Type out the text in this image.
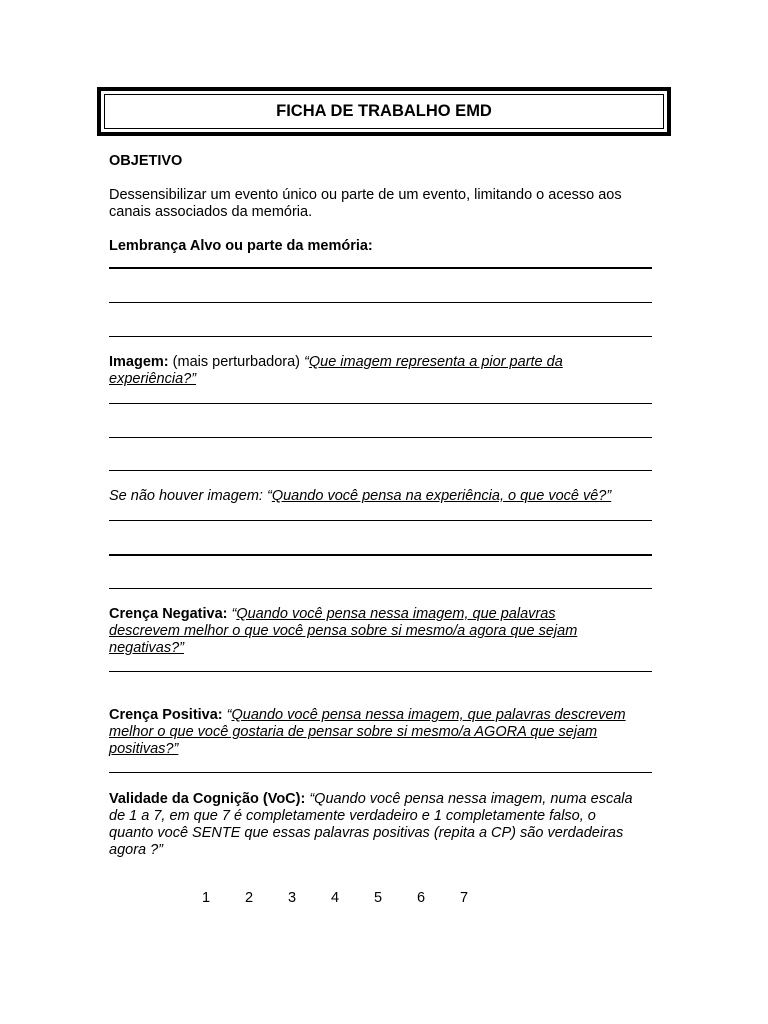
FICHA DE TRABALHO EMD
OBJETIVO
Dessensibilizar um evento único ou parte de um evento, limitando o acesso aos canais associados da memória.
Lembrança Alvo ou parte da memória:
Imagem: (mais perturbadora) “Que imagem representa a pior parte da experiência?”
Se não houver imagem: “Quando você pensa na experiência, o que você vê?”
Crença Negativa: “Quando você pensa nessa imagem, que palavras descrevem melhor o que você pensa sobre si mesmo/a agora que sejam negativas?”
Crença Positiva: “Quando você pensa nessa imagem, que palavras descrevem melhor o que você gostaria de pensar sobre si mesmo/a AGORA que sejam positivas?”
Validade da Cognição (VoC): “Quando você pensa nessa imagem, numa escala de 1 a 7, em que 7 é completamente verdadeiro e 1 completamente falso, o quanto você SENTE que essas palavras positivas (repita a CP) são verdadeiras agora ?”
1	2	3	4	5	6	7
